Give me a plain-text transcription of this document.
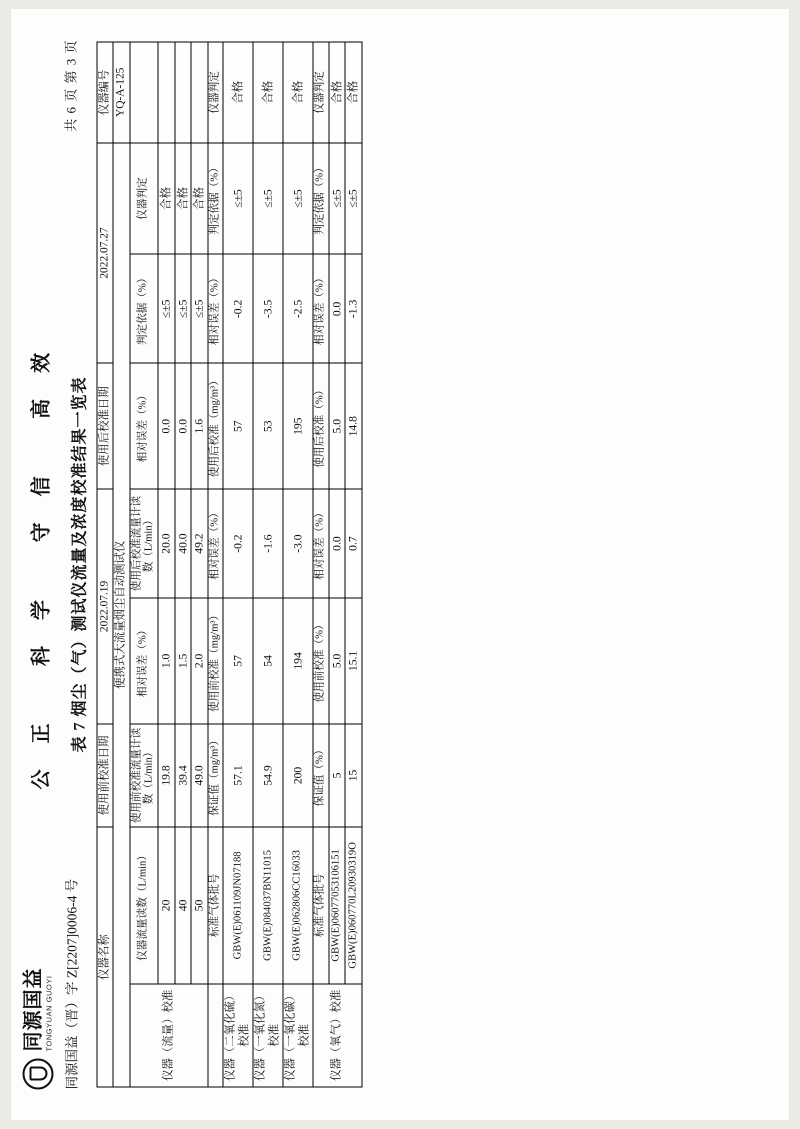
同源国益 TONGYUAN GUOYI
公正 科学 守信 高效
同源国益（晋）字 Z[2207]0006-4 号
共 6 页 第 3 页
表 7 烟尘（气）测试仪流量及浓度校准结果一览表
仪器名称		使用前校准日期	2022.07.19		使用后校准日期	2022.07.27		仪器编号
便携式大流量烟尘自动测试仪								YQ-A-125
仪器（流量）校准	仪器流量读数（L/min）	使用前校准流量计读数（L/min）	相对误差（%）	使用后校准流量计读数（L/min）	相对误差（%）	判定依据（%）	仪器判定	
	20	19.8	1.0	20.0	0.0	≤±5	合格	
	40	39.4	1.5	40.0	0.0	≤±5	合格	
	50	49.0	2.0	49.2	1.6	≤±5	合格	
	标准气体批号	保证值（mg/m³）	使用前校准（mg/m³）	相对误差（%）	使用后校准（mg/m³）	相对误差（%）	判定依据（%）	仪器判定
仪器（二氧化硫）校准	GBW(E)061109JN07188	57.1	57	-0.2	57	-0.2	≤±5	合格
仪器（一氧化氮）校准	GBW(E)084037BN11015	54.9	54	-1.6	53	-3.5	≤±5	合格
仪器（一氧化碳）校准	GBW(E)062806CC16033	200	194	-3.0	195	-2.5	≤±5	合格
仪器（氧气）校准	标准气体批号	保证值（%）	使用前校准（%）	相对误差（%）	使用后校准（%）	相对误差（%）	判定依据（%）	仪器判定
	GBW(E)06077053106151	5	5.0	0.0	5.0	0.0	≤±5	合格
	GBW(E)060770L20930319O	15	15.1	0.7	14.8	-1.3	≤±5	合格
